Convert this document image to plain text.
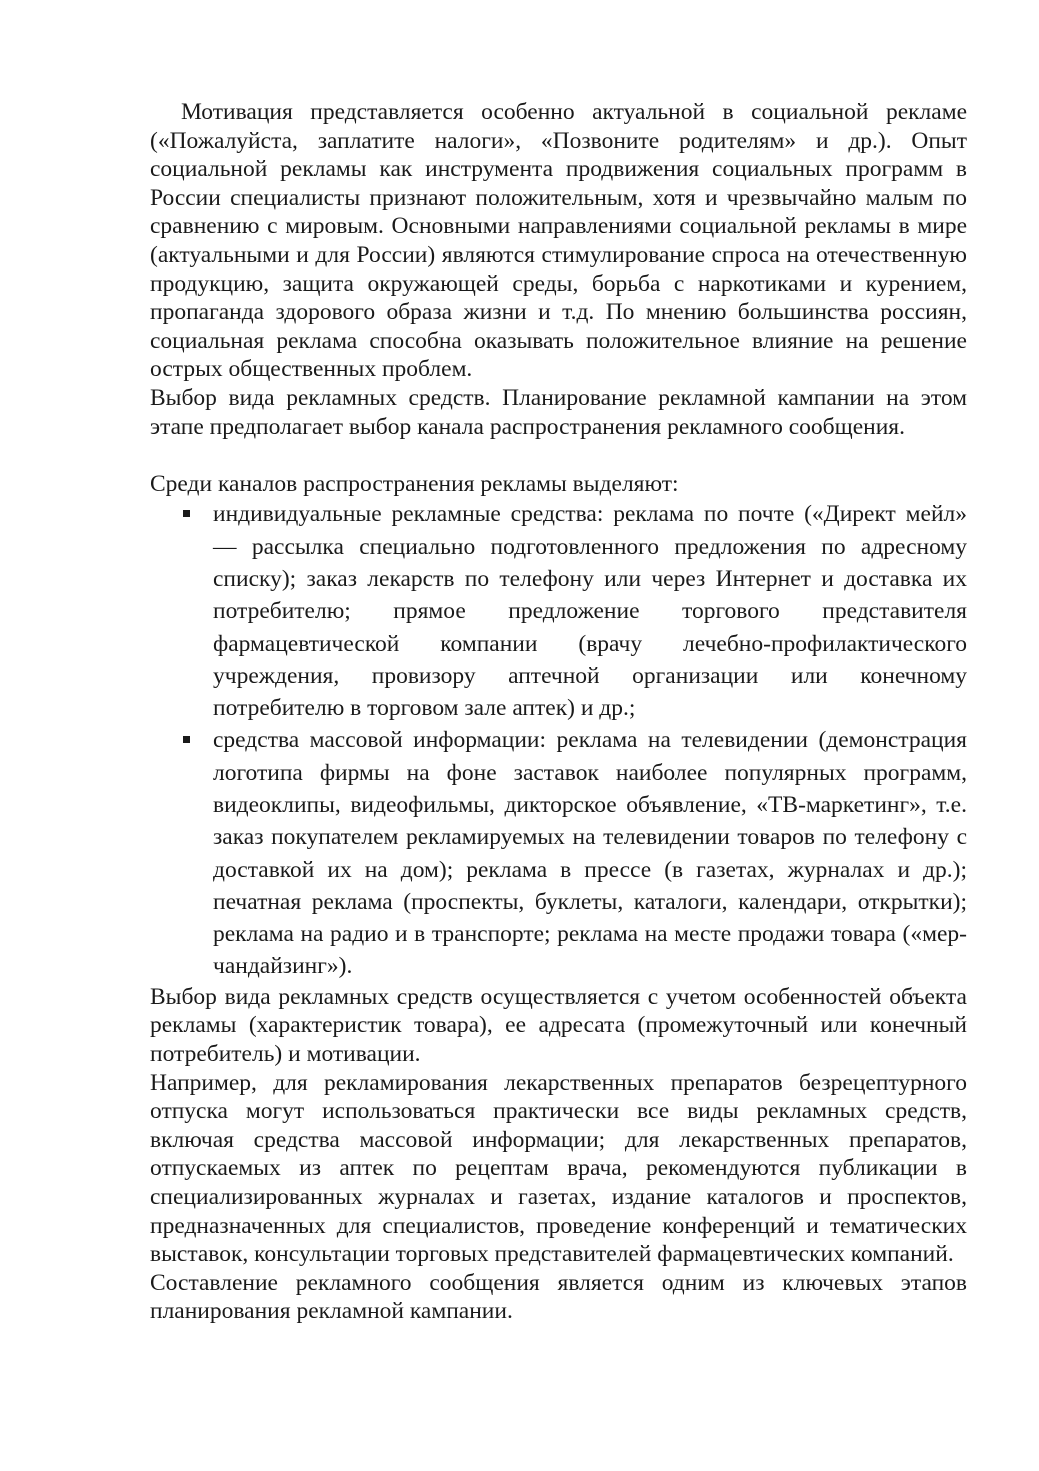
Мотивация представляется особенно актуальной в социальной рекламе («Пожалуйста, заплатите налоги», «Позвоните родителям» и др.). Опыт социальной рекламы как инструмента продвижения социальных программ в России специалисты признают положительным, хотя и чрезвычайно малым по сравнению с мировым. Основными направлениями социальной рекламы в мире (актуальными и для России) являются стимулирование спроса на отечественную продукцию, защита окружающей среды, борьба с наркотиками и курением, пропаганда здорового образа жизни и т.д. По мнению большинства россиян, социальная реклама способна оказывать положительное влияние на решение острых общественных проблем.

Выбор вида рекламных средств. Планирование рекламной кампании на этом этапе предполагает выбор канала распространения рекламного сообщения.

Среди каналов распространения рекламы выделяют:

индивидуальные рекламные средства: реклама по почте («Директ мейл» — рассылка специально подготовленного предложения по адресному списку); заказ лекарств по телефону или через Интернет и доставка их потребителю; прямое предложение торгового представителя фармацевтической компании (врачу лечебно-профилактического учреждения, провизору аптечной организации или конечному потребителю в торговом зале аптек) и др.;
средства массовой информации: реклама на телевидении (демонстрация логотипа фирмы на фоне заставок наиболее популярных программ, видеоклипы, видеофильмы, дикторское объявление, «ТВ-маркетинг», т.е. заказ покупателем рекламируемых на телевидении товаров по телефону с доставкой их на дом); реклама в прессе (в газетах, журналах и др.); печатная реклама (проспекты, буклеты, каталоги, календари, открытки); реклама на радио и в транспорте; реклама на месте продажи товара («мер-чандайзинг»).

Выбор вида рекламных средств осуществляется с учетом особенностей объекта рекламы (характеристик товара), ее адресата (промежуточный или конечный потребитель) и мотивации.

Например, для рекламирования лекарственных препаратов безрецептурного отпуска могут использоваться практически все виды рекламных средств, включая средства массовой информации; для лекарственных препаратов, отпускаемых из аптек по рецептам врача, рекомендуются публикации в специализированных журналах и газетах, издание каталогов и проспектов, предназначенных для специалистов, проведение конференций и тематических выставок, консультации торговых представителей фармацевтических компаний.

Составление рекламного сообщения является одним из ключевых этапов планирования рекламной кампании.
